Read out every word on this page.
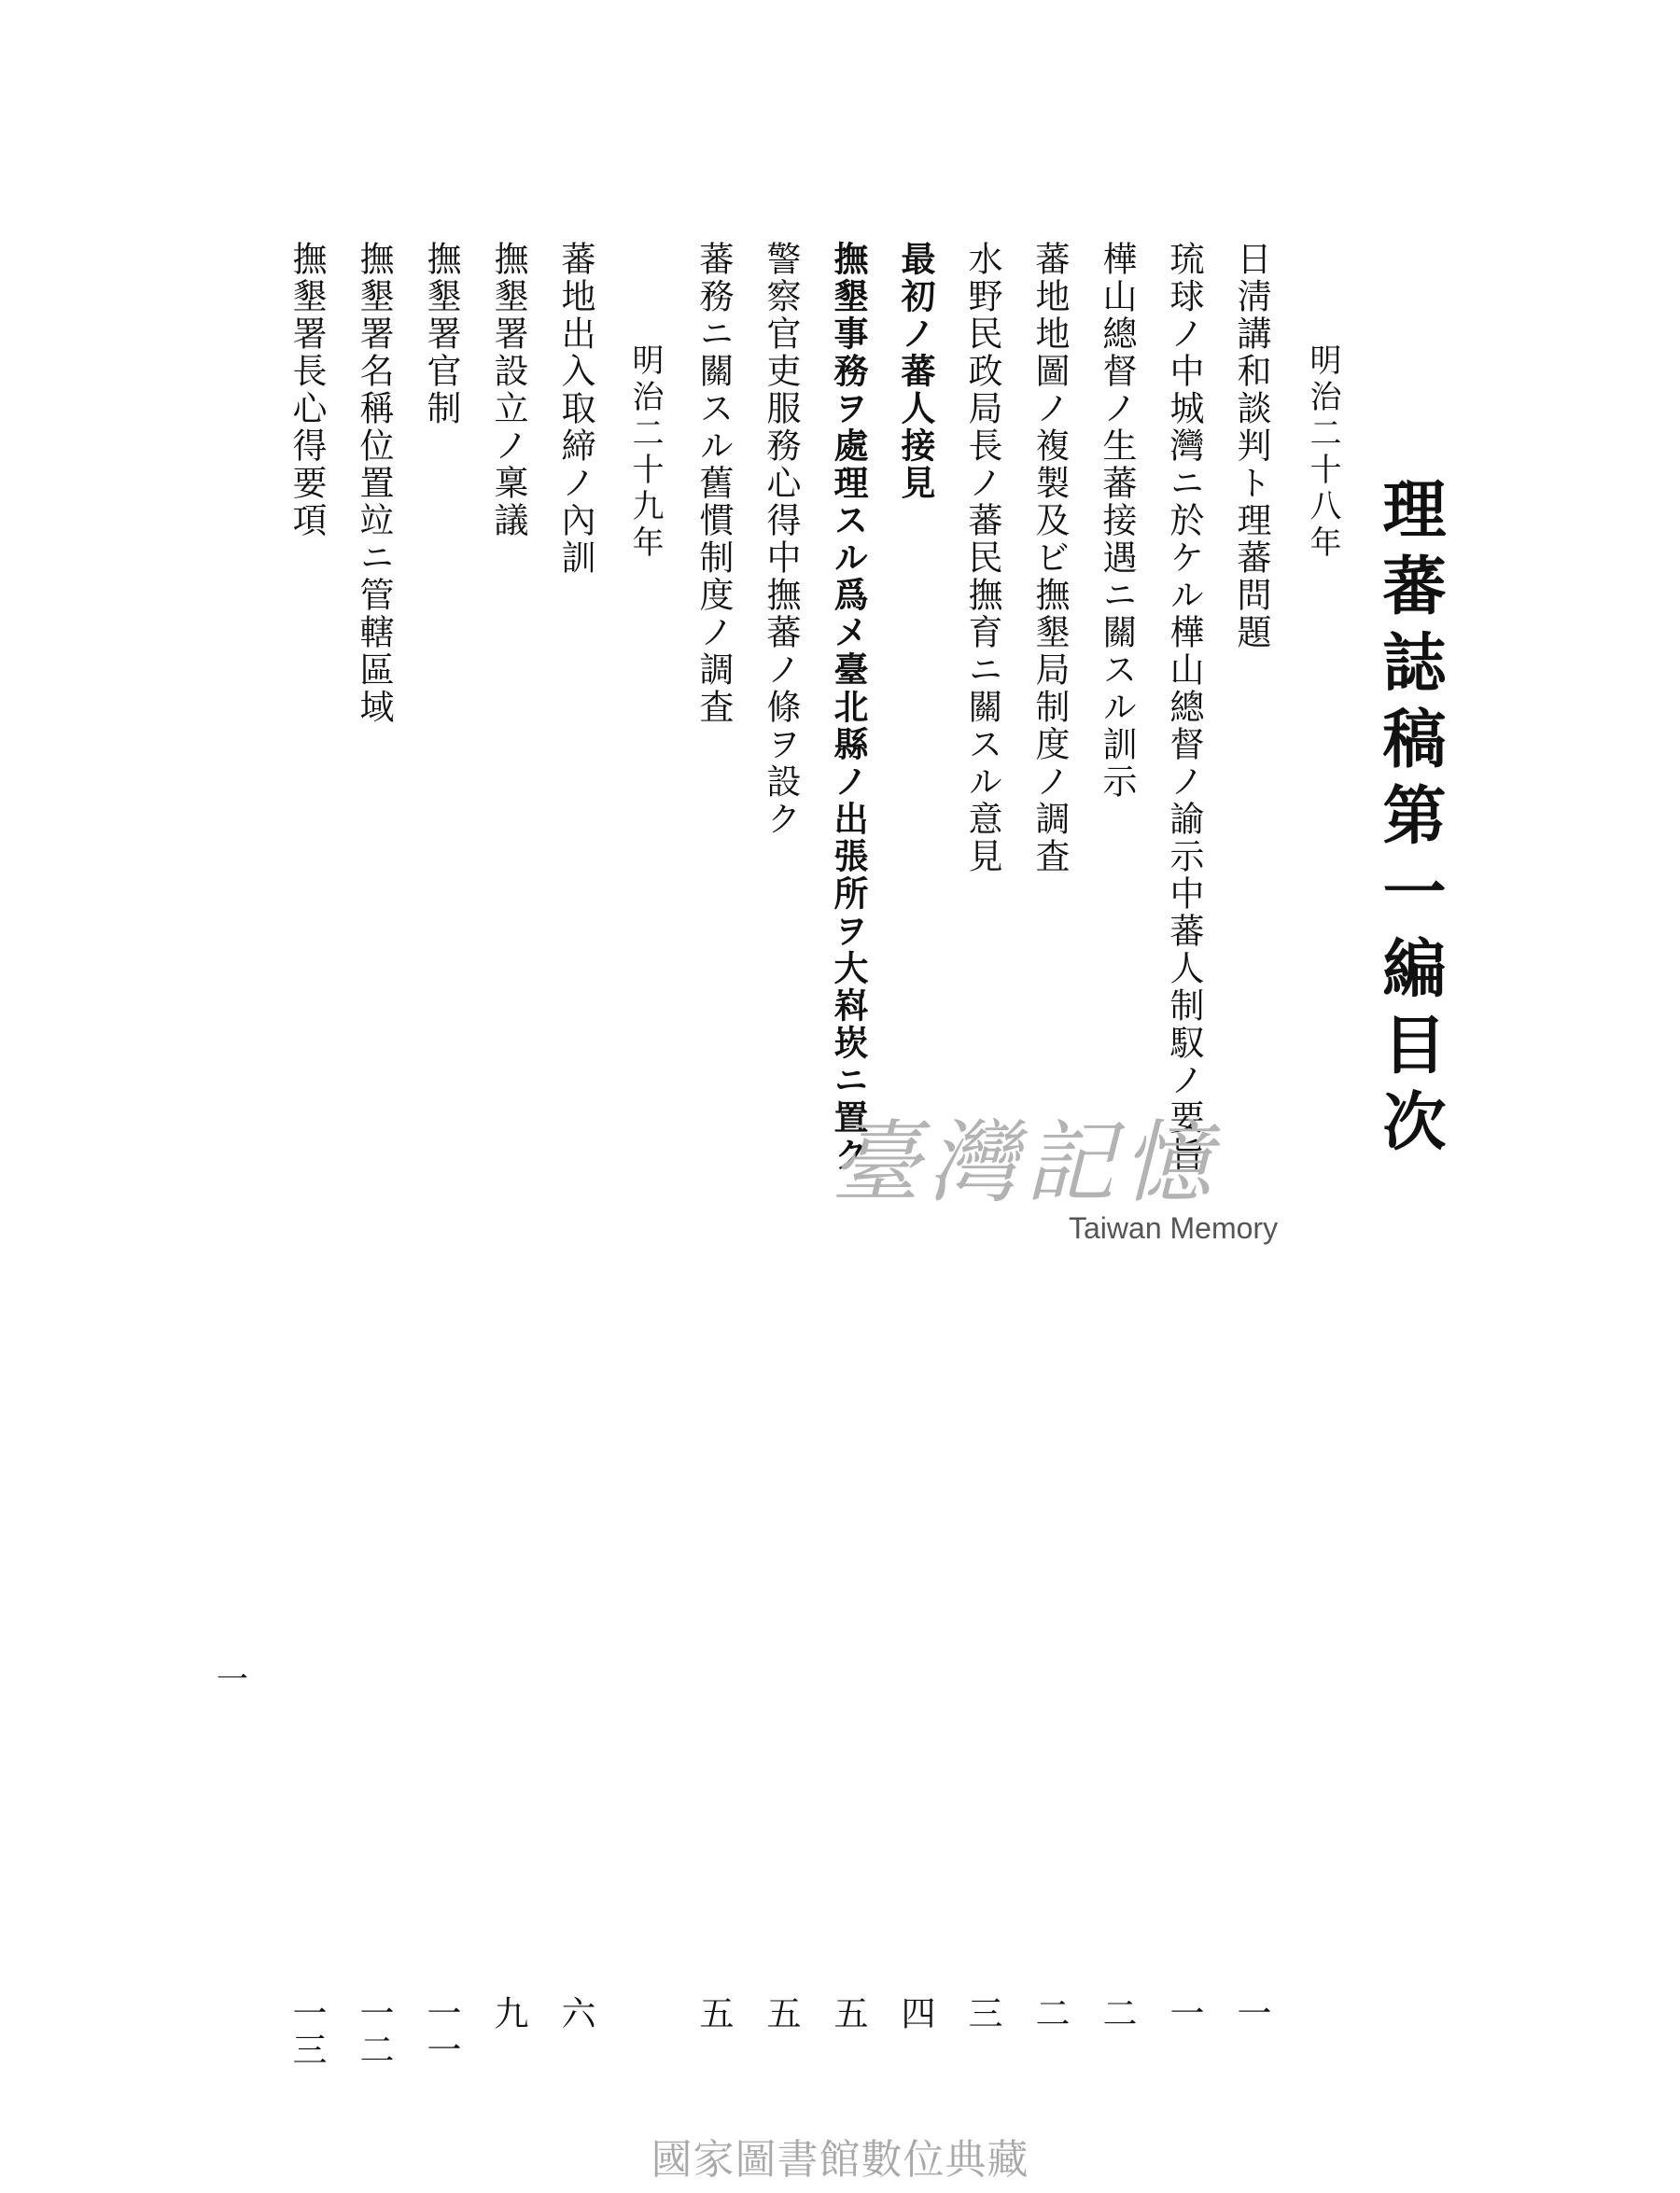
理蕃誌稿第一編目次
明治二十八年
日淸講和談判ト理蕃問題
琉球ノ中城灣ニ於ケル樺山總督ノ諭示中蕃人制馭ノ要旨
樺山總督ノ生蕃接遇ニ關スル訓示
蕃地地圖ノ複製及ビ撫墾局制度ノ調査
水野民政局長ノ蕃民撫育ニ關スル意見
最初ノ蕃人接見
撫墾事務ヲ處理スル爲メ臺北縣ノ出張所ヲ大嵙崁ニ置ク
警察官吏服務心得中撫蕃ノ條ヲ設ク
蕃務ニ關スル舊慣制度ノ調査
明治二十九年
蕃地出入取締ノ內訓
撫墾署設立ノ稟議
撫墾署官制
撫墾署名稱位置竝ニ管轄區域
撫墾署長心得要項
一
一
二
二
三
四
五
五
五
六
九
一一
一二
一三
一
臺灣記憶
Taiwan Memory
國家圖書館數位典藏
